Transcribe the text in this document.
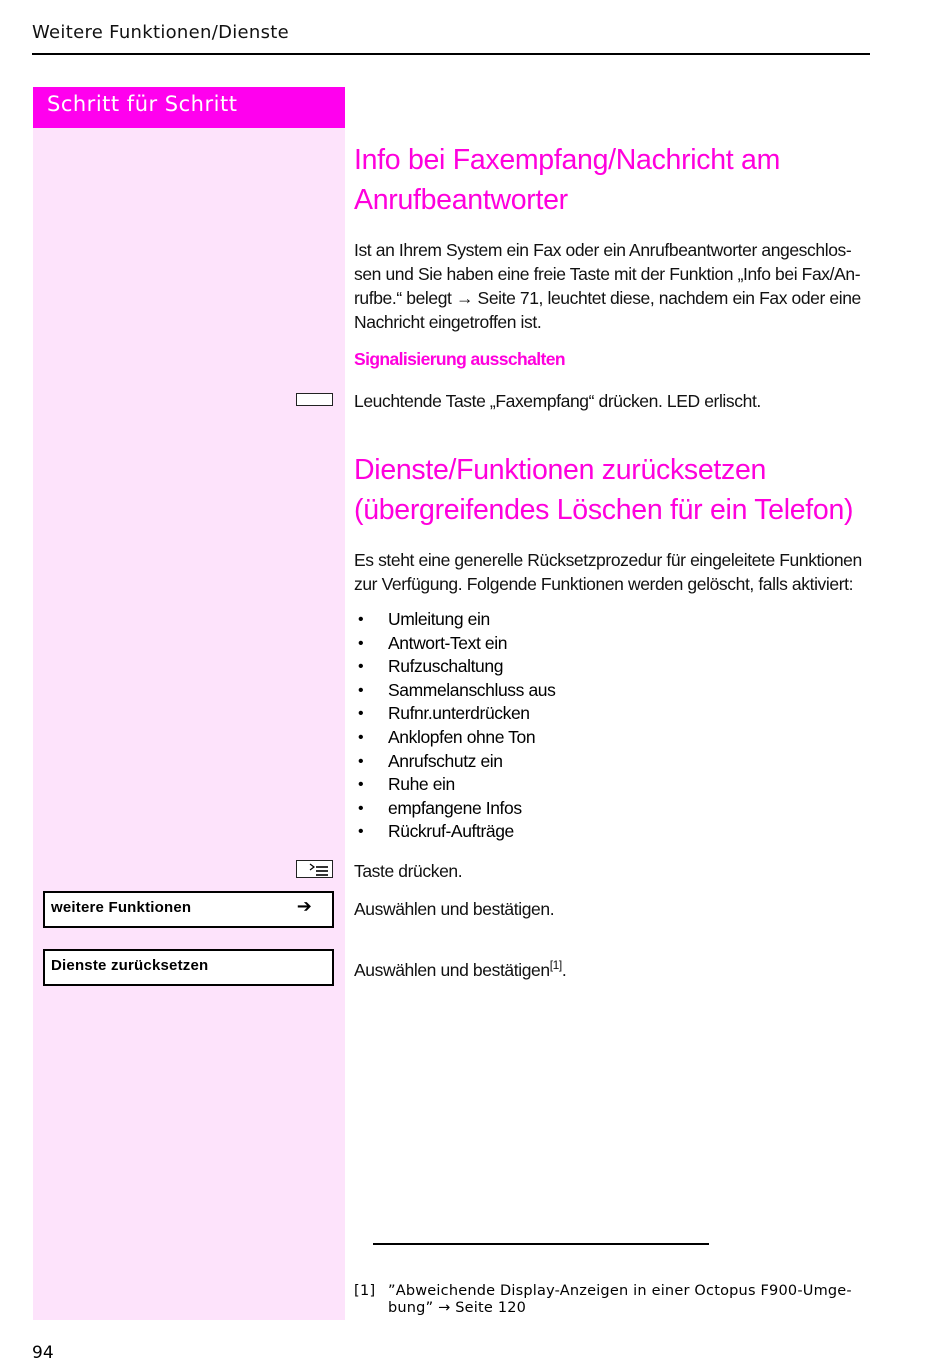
Weitere Funktionen/Dienste
Schritt für Schritt
Info bei Faxempfang/Nachricht am
Anrufbeantworter
Ist an Ihrem System ein Fax oder ein Anrufbeantworter angeschlos-
sen und Sie haben eine freie Taste mit der Funktion „Info bei Fax/An-
rufbe.“ belegt → Seite 71, leuchtet diese, nachdem ein Fax oder eine
Nachricht eingetroffen ist.
Signalisierung ausschalten
Leuchtende Taste „Faxempfang“ drücken. LED erlischt.
Dienste/Funktionen zurücksetzen
(übergreifendes Löschen für ein Telefon)
Es steht eine generelle Rücksetzprozedur für eingeleitete Funktionen
zur Verfügung. Folgende Funktionen werden gelöscht, falls aktiviert:
• Umleitung ein
• Antwort-Text ein
• Rufzuschaltung
• Sammelanschluss aus
• Rufnr.unterdrücken
• Anklopfen ohne Ton
• Anrufschutz ein
• Ruhe ein
• empfangene Infos
• Rückruf-Aufträge
Taste drücken.
weitere Funktionen	➔ Auswählen und bestätigen.
Dienste zurücksetzen	Auswählen und bestätigen[1].
[1] ”Abweichende Display-Anzeigen in einer Octopus F900-Umge-
bung” → Seite 120
94
